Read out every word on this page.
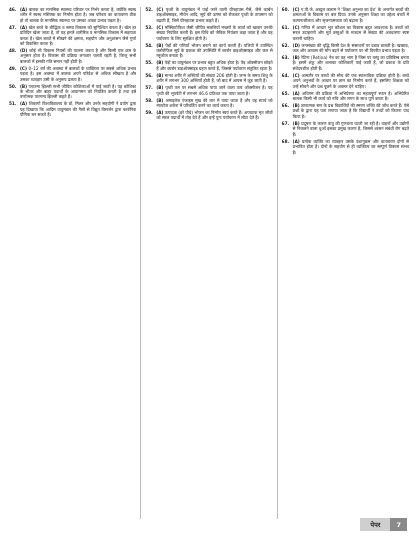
46. (A) बालक का मानसिक स्वास्थ्य परिवार पर निर्भर करता है, क्योंकि स्वस्थ शरीर में स्वस्थ मस्तिष्क का निर्माण होता है। जब परिवार का वातावरण ठीक हो तो बालक के मानसिक स्वास्थ्य पर उसका अच्छा प्रभाव पड़ता है।
47. (A) खेल बच्चे के बौद्धिक व समग्र विकास को सुनिश्चित करता है। खेल हर प्रतिदिन खेला जाता है, तो यह हमारे शारीरिक व मानसिक विकास में सहायता करता है। खेल बच्चों में सीखने की क्षमता, सहयोग और अनुशासन जैसे गुणों को विकसित करता है।
48. (D) कोई भी विकास नियमों की पालना करता है और किसी एक क्रम के अनुसार होता है। विकास की प्रक्रिया लगातार चलती रहती है, किन्तु सभी बालकों में इसकी गति समान नहीं होती है।
49. (C) 0–12 वर्ष की अवस्था में बालकों के व्यक्तित्व पर सबसे अधिक प्रभाव पड़ता है। इस अवस्था में बालक अपने परिवेश से अधिक सीखता है और उसका व्यवहार उसी के अनुरूप ढलता है।
50. (B) प्लाज्मा झिल्ली सभी जीवित कोशिकाओं में पाई जाती है। यह कोशिका के भीतर और बाहर पदार्थों के आवागमन को नियंत्रित करती है तथा इसे वर्णात्मक पारगम्य झिल्ली कहते हैं।
51. (A) शिकागो विश्वविद्यालय के डॉ. मिलर और उनके सहयोगी ने प्रयोग द्वारा यह दिखाया कि आदिम वायुमंडल की गैसों से विद्युत विसर्जन द्वारा कार्बनिक यौगिक बन सकते हैं।
52. (C) पृथ्वी के वायुमंडल में पाई जाने वाली ग्रीनहाउस गैसें, जैसे कार्बन डाइऑक्साइड, मीथेन आदि, सूर्य की ऊष्मा को रोककर पृथ्वी के तापमान को बढ़ाती हैं, जिसे ग्रीनहाउस प्रभाव कहते हैं।
53. (C) मॉस्किटोफिश जैसी जीवित मछलियाँ मच्छरों के लार्वा को खाकर उनकी संख्या नियंत्रित करती हैं। इस विधि को जैविक नियंत्रण कहा जाता है और यह पर्यावरण के लिए सुरक्षित होती है।
54. (B) पेड़ों की पत्तियाँ भोजन बनाने का कार्य करती हैं। पत्तियों में उपस्थित क्लोरोफिल सूर्य के प्रकाश की उपस्थिति में कार्बन डाइऑक्साइड और जल से ग्लूकोज बनाता है।
55. (B) पेड़ों का वायुमंडल पर प्रभाव बहुत अधिक होता है। पेड़ ऑक्सीजन छोड़ते हैं और कार्बन डाइऑक्साइड ग्रहण करते हैं, जिससे पर्यावरण संतुलित रहता है।
56. (B) मानव शरीर में अस्थियों की संख्या 206 होती है। जन्म के समय शिशु के शरीर में लगभग 300 अस्थियाँ होती हैं, जो बाद में आपस में जुड़ जाती हैं।
57. (B) पृथ्वी तल पर सबसे अधिक पाया जाने वाला तत्व ऑक्सीजन है। यह पृथ्वी की भूपर्पटी में लगभग 46.6 प्रतिशत तक पाया जाता है।
58. (B) अमाइलेज एंजाइम मुख की लार में पाया जाता है और यह स्टार्च को माल्टोज शर्करा में परिवर्तित करने का कार्य करता है।
59. (A) उत्पादक (हरे पौधे) भोजन का निर्माण स्वयं करते हैं। अपघटक मृत जीवों को सरल पदार्थों में तोड़ देते हैं और इन्हें पुनः पर्यावरण में लौटा देते हैं।
60. (C) ए.पी.जे. अब्दुल कलाम ने ‘शिक्षा अनुभव का देश’ के अन्तर्गत बच्चों की क्षमताओं के विकास पर बल दिया। उनके अनुसार शिक्षा का उद्देश्य बच्चों में कल्पनाशीलता और सृजनात्मकता को बढ़ाना है।
61. (C) गणित में आधार भूत कौशल का विकास बहुत आवश्यक है। बच्चों को सरल उदाहरणों और मूर्त वस्तुओं के माध्यम से संख्या की अवधारणा स्पष्ट करानी चाहिए।
62. (D) जनसंख्या की वृद्धि किसी देश के संसाधनों पर दबाव डालती है। खाद्यान्न, जल और आवास की माँग बढ़ने से पर्यावरण पर भी विपरीत प्रभाव पड़ता है।
63. (B) रेटिना (Retina) नेत्र का वह भाग है जिस पर वस्तु का प्रतिबिम्ब बनता है। इसमें शंकु और शलाका कोशिकाएँ पाई जाती हैं, जो प्रकाश के प्रति संवेदनशील होती हैं।
64. (C) आमतौर पर बच्चों की सोच की एक स्वाभाविक प्रक्रिया होती है। बच्चे अपने अनुभवों के आधार पर ज्ञान का निर्माण करते हैं, इसलिए शिक्षक को उन्हें सोचने और प्रश्न पूछने के अवसर देने चाहिए।
65. (A) अधिगम की प्रक्रिया में अभिप्रेरणा का महत्वपूर्ण स्थान है। अभिप्रेरित बालक किसी भी कार्य को रुचि और लगन के साथ पूर्ण करता है।
66. (B) ज्ञानात्मक स्तर के प्रश्न विद्यार्थियों की स्मरण शक्ति की जाँच करते हैं। ऐसे प्रश्नों के द्वारा यह पता लगाया जाता है कि विद्यार्थी ने तथ्यों को कितना याद किया है।
67. (B) प्रदूषण के कारण वायु की गुणवत्ता घटती जा रही है। वाहनों और उद्योगों से निकलने वाला धुआँ इसका प्रमुख कारण है, जिससे श्वसन संबंधी रोग बढ़ते हैं।
68. (A) प्रत्येक व्यक्ति का व्यवहार उसके वंशानुक्रम और वातावरण दोनों से प्रभावित होता है। दोनों के सहयोग से ही व्यक्तित्व का सम्पूर्ण विकास संभव है।
पेपर	7
